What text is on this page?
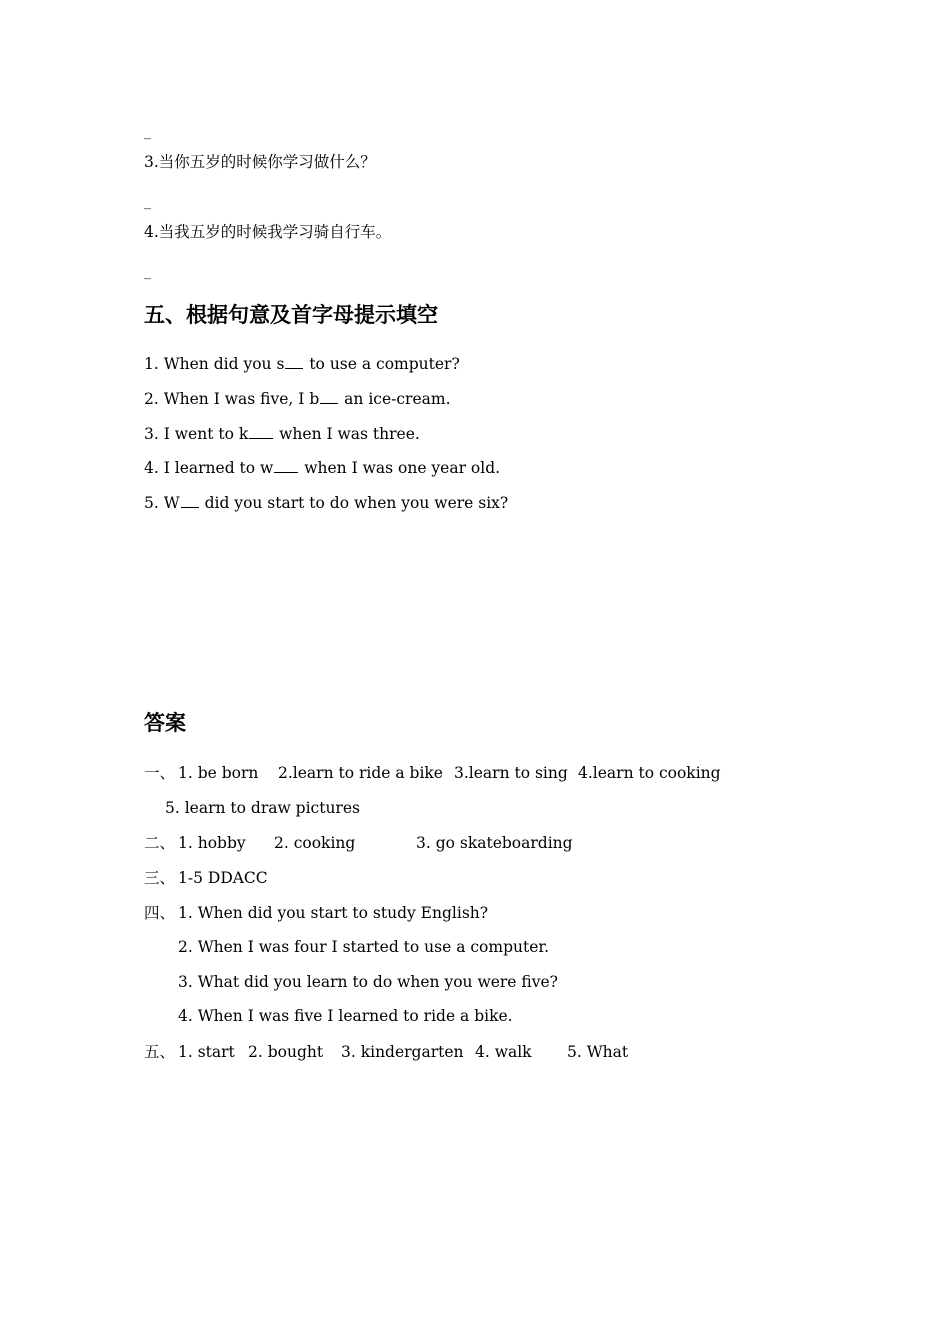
_
3.当你五岁的时候你学习做什么？
_
4.当我五岁的时候我学习骑自行车。
_
五、根据句意及首字母提示填空
1. When did you s to use a computer?
2. When I was five, I b an ice-cream.
3. I went to k when I was three.
4. I learned to w when I was one year old.
5. W did you start to do when you were six?
答案
一、 1. be born 2.learn to ride a bike 3.learn to sing 4.learn to cooking
5. learn to draw pictures
二、 1. hobby 2. cooking	3. go skateboarding
三、 1-5 DDACC
四、 1. When did you start to study English?
2. When I was four I started to use a computer.
3. What did you learn to do when you were five?
4. When I was five I learned to ride a bike.
五、 1. start 2. bought 3. kindergarten 4. walk 5. What
